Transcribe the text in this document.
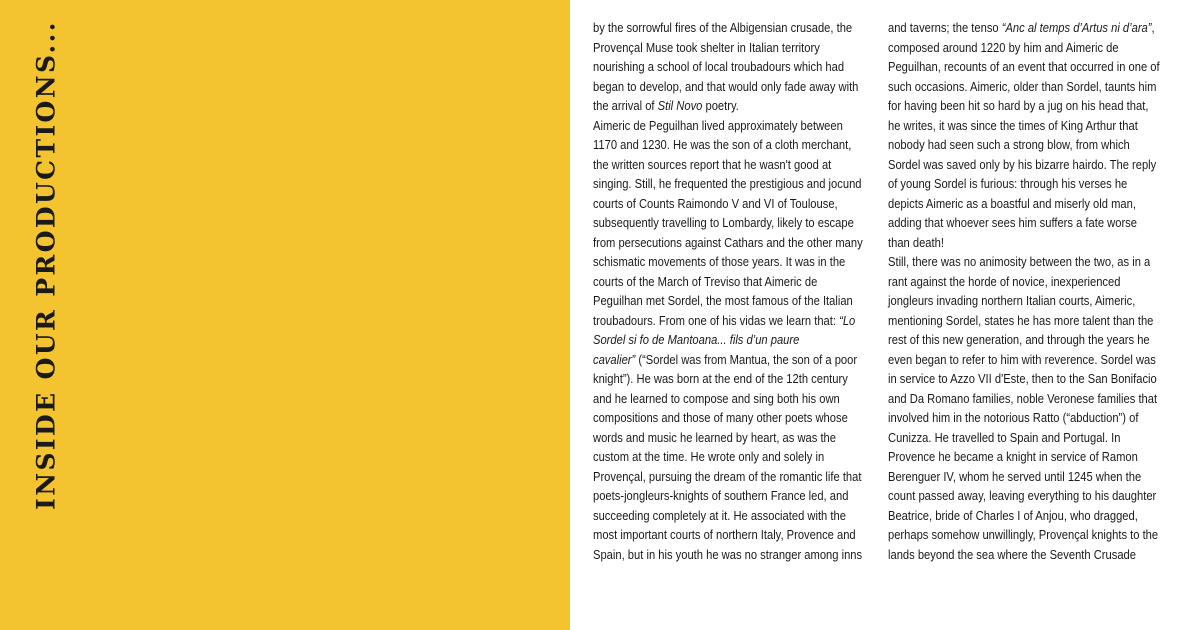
INSIDE OUR PRODUCTIONS...	by the sorrowful fires of the Albigensian crusade, the
Provençal Muse took shelter in Italian territory
nourishing a school of local troubadours which had
began to develop, and that would only fade away with
the arrival of Stil Novo poetry.

Aimeric de Peguilhan lived approximately between
1170 and 1230. He was the son of a cloth merchant,
the written sources report that he wasn't good at
singing. Still, he frequented the prestigious and jocund
courts of Counts Raimondo V and VI of Toulouse,
subsequently travelling to Lombardy, likely to escape
from persecutions against Cathars and the other many
schismatic movements of those years. It was in the
courts of the March of Treviso that Aimeric de
Peguilhan met Sordel, the most famous of the Italian
troubadours. From one of his vidas we learn that: “Lo
Sordel si fo de Mantoana... fils d’un paure
cavalier” (“Sordel was from Mantua, the son of a poor
knight”). He was born at the end of the 12th century
and he learned to compose and sing both his own
compositions and those of many other poets whose
words and music he learned by heart, as was the
custom at the time. He wrote only and solely in
Provençal, pursuing the dream of the romantic life that
poets-jongleurs-knights of southern France led, and
succeeding completely at it. He associated with the
most important courts of northern Italy, Provence and
Spain, but in his youth he was no stranger among inns

and taverns; the tenso “Anc al temps d’Artus ni d’ara”,
composed around 1220 by him and Aimeric de
Peguilhan, recounts of an event that occurred in one of
such occasions. Aimeric, older than Sordel, taunts him
for having been hit so hard by a jug on his head that,
he writes, it was since the times of King Arthur that
nobody had seen such a strong blow, from which
Sordel was saved only by his bizarre hairdo. The reply
of young Sordel is furious: through his verses he
depicts Aimeric as a boastful and miserly old man,
adding that whoever sees him suffers a fate worse
than death!

Still, there was no animosity between the two, as in a
rant against the horde of novice, inexperienced
jongleurs invading northern Italian courts, Aimeric,
mentioning Sordel, states he has more talent than the
rest of this new generation, and through the years he
even began to refer to him with reverence. Sordel was
in service to Azzo VII d'Este, then to the San Bonifacio
and Da Romano families, noble Veronese families that
involved him in the notorious Ratto (“abduction”) of
Cunizza. He travelled to Spain and Portugal. In
Provence he became a knight in service of Ramon
Berenguer IV, whom he served until 1245 when the
count passed away, leaving everything to his daughter
Beatrice, bride of Charles I of Anjou, who dragged,
perhaps somehow unwillingly, Provençal knights to the
lands beyond the sea where the Seventh Crusade
